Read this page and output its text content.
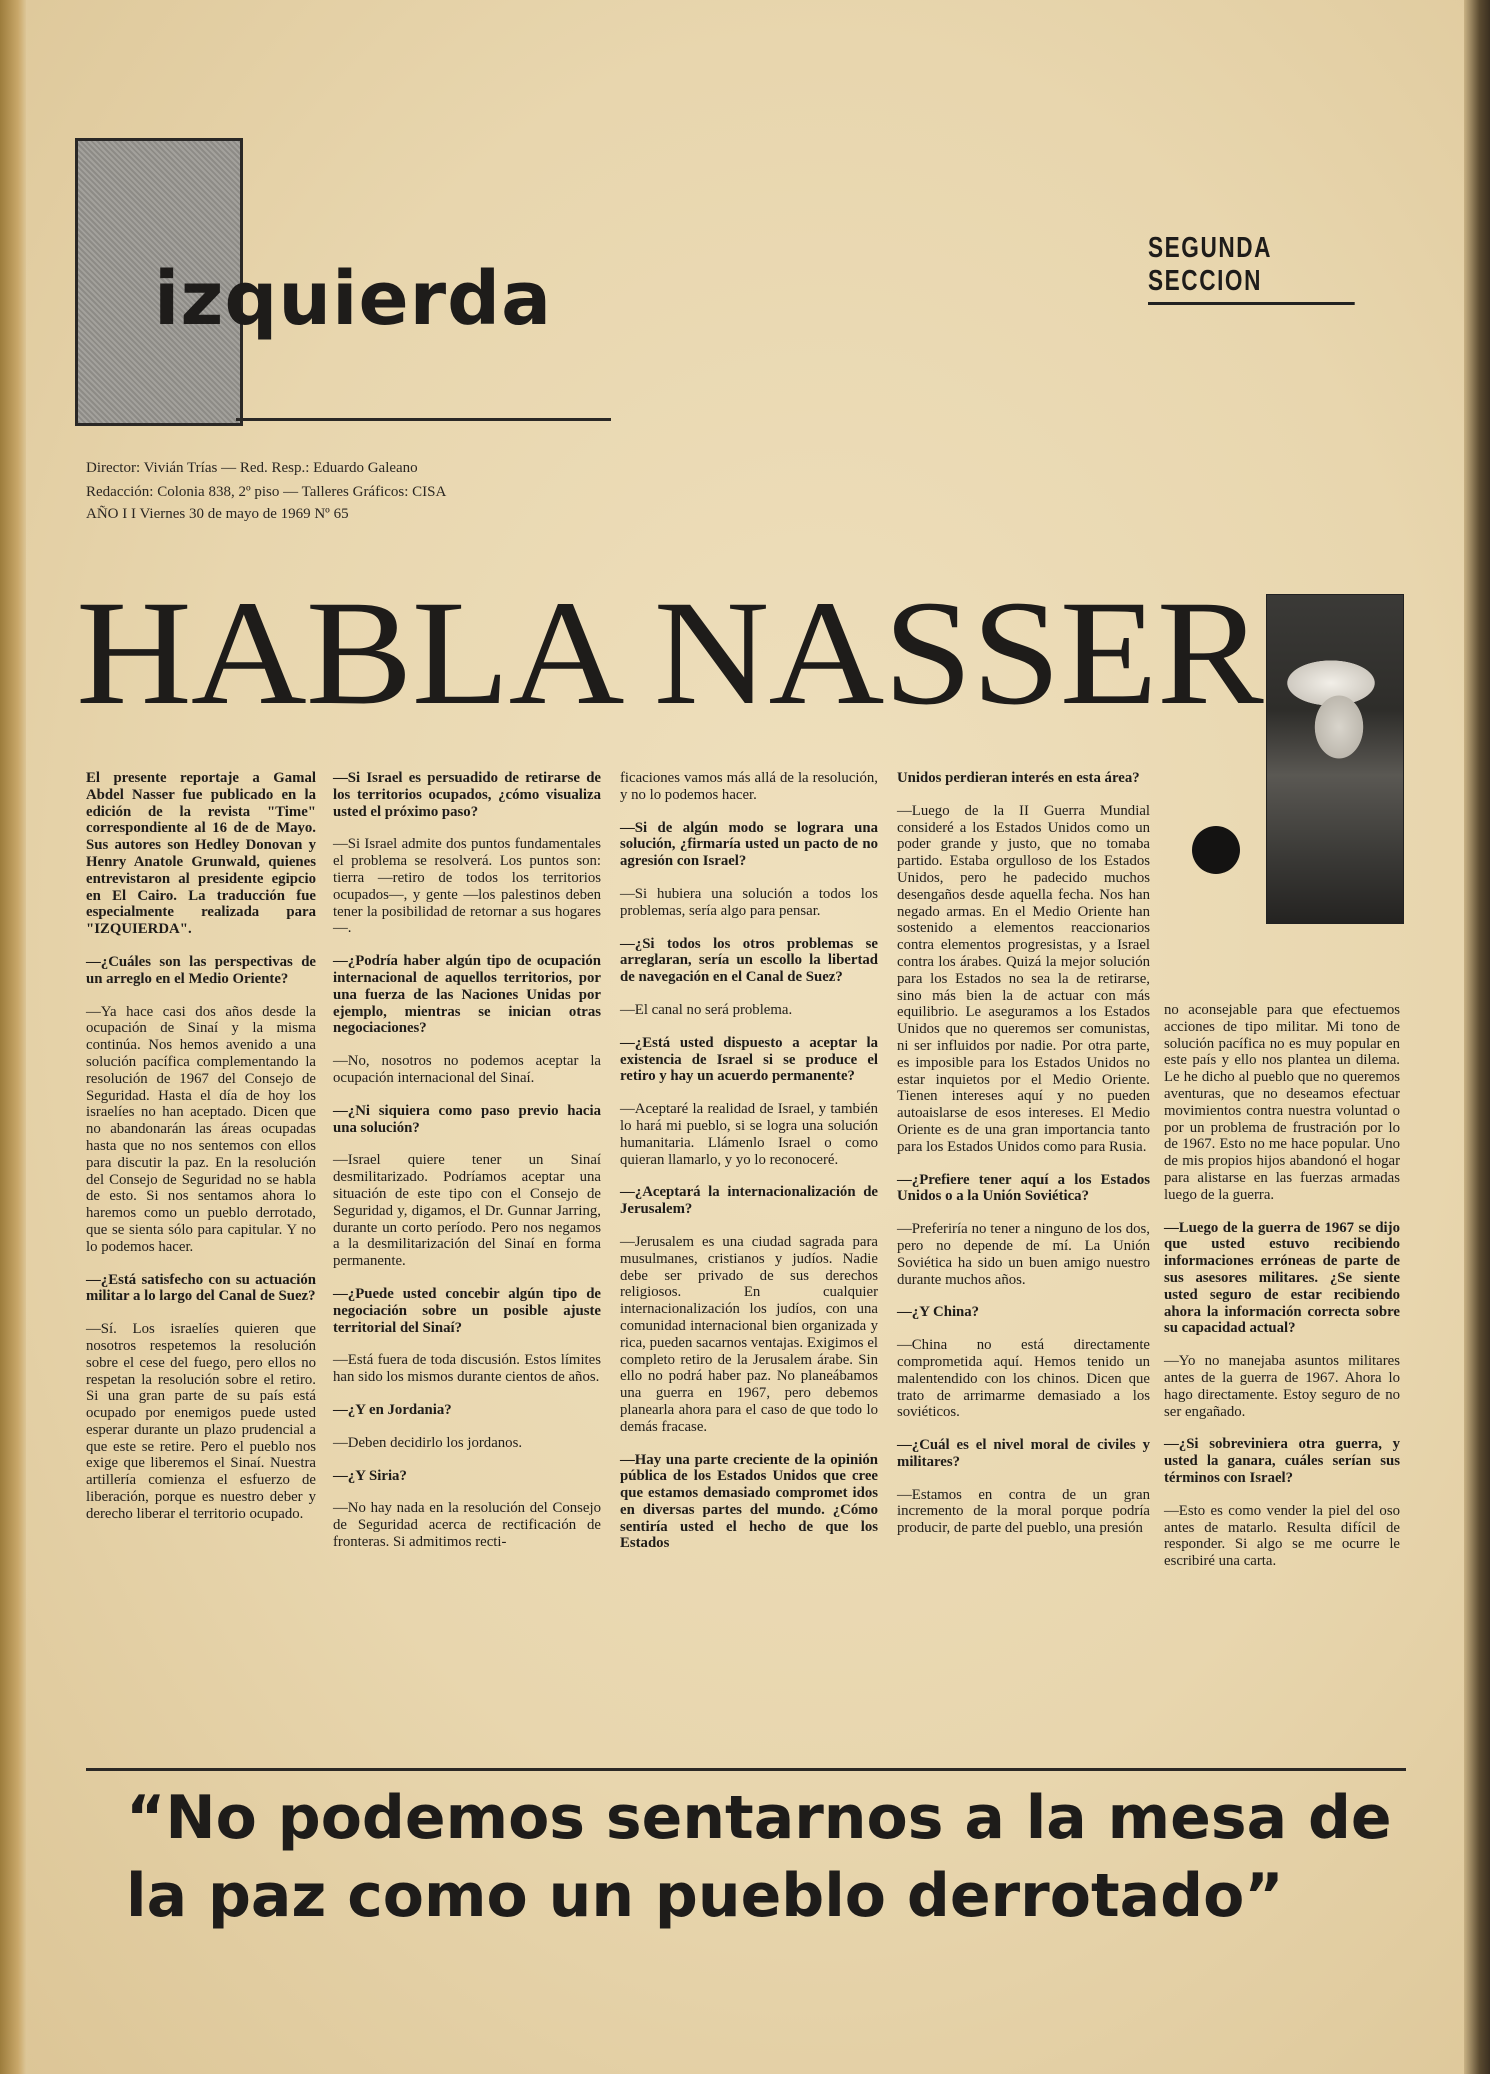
izquierda
SEGUNDA SECCION
Director: Vivián Trías — Red. Resp.: Eduardo Galeano
Redacción: Colonia 838, 2º piso — Talleres Gráficos: CISA
AÑO I I Viernes 30 de mayo de 1969 Nº 65
HABLA NASSER

El presente reportaje a Gamal Abdel Nasser fue publicado en la edición de la revista "Time" correspondiente al 16 de de Mayo. Sus autores son Hedley Donovan y Henry Anatole Grunwald, quienes entrevistaron al presidente egipcio en El Cairo. La traducción fue especialmente realizada para "IZQUIERDA".

—¿Cuáles son las perspectivas de un arreglo en el Medio Oriente?

—Ya hace casi dos años desde la ocupación de Sinaí y la misma continúa. Nos hemos avenido a una solución pacífica complementando la resolución de 1967 del Consejo de Seguridad. Hasta el día de hoy los israelíes no han aceptado. Dicen que no abandonarán las áreas ocupadas hasta que no nos sentemos con ellos para discutir la paz. En la resolución del Consejo de Seguridad no se habla de esto. Si nos sentamos ahora lo haremos como un pueblo derrotado, que se sienta sólo para capitular. Y no lo podemos hacer.

—¿Está satisfecho con su actuación militar a lo largo del Canal de Suez?

—Sí. Los israelíes quieren que nosotros respetemos la resolución sobre el cese del fuego, pero ellos no respetan la resolución sobre el retiro. Si una gran parte de su país está ocupado por enemigos puede usted esperar durante un plazo prudencial a que este se retire. Pero el pueblo nos exige que liberemos el Sinaí. Nuestra artillería comienza el esfuerzo de liberación, porque es nuestro deber y derecho liberar el territorio ocupado.

—Si Israel es persuadido de retirarse de los territorios ocupados, ¿cómo visualiza usted el próximo paso?

—Si Israel admite dos puntos fundamentales el problema se resolverá. Los puntos son: tierra —retiro de todos los territorios ocupados—, y gente —los palestinos deben tener la posibilidad de retornar a sus hogares—.

—¿Podría haber algún tipo de ocupación internacional de aquellos territorios, por una fuerza de las Naciones Unidas por ejemplo, mientras se inician otras negociaciones?

—No, nosotros no podemos aceptar la ocupación internacional del Sinaí.

—¿Ni siquiera como paso previo hacia una solución?

—Israel quiere tener un Sinaí desmilitarizado. Podríamos aceptar una situación de este tipo con el Consejo de Seguridad y, digamos, el Dr. Gunnar Jarring, durante un corto período. Pero nos negamos a la desmilitarización del Sinaí en forma permanente.

—¿Puede usted concebir algún tipo de negociación sobre un posible ajuste territorial del Sinaí?

—Está fuera de toda discusión. Estos límites han sido los mismos durante cientos de años.

—¿Y en Jordania?

—Deben decidirlo los jordanos.

—¿Y Siria?

—No hay nada en la resolución del Consejo de Seguridad acerca de rectificación de fronteras. Si admitimos recti-

ficaciones vamos más allá de la resolución, y no lo podemos hacer.

—Si de algún modo se lograra una solución, ¿firmaría usted un pacto de no agresión con Israel?

—Si hubiera una solución a todos los problemas, sería algo para pensar.

—¿Si todos los otros problemas se arreglaran, sería un escollo la libertad de navegación en el Canal de Suez?

—El canal no será problema.

—¿Está usted dispuesto a aceptar la existencia de Israel si se produce el retiro y hay un acuerdo permanente?

—Aceptaré la realidad de Israel, y también lo hará mi pueblo, si se logra una solución humanitaria. Llámenlo Israel o como quieran llamarlo, y yo lo reconoceré.

—¿Aceptará la internacionalización de Jerusalem?

—Jerusalem es una ciudad sagrada para musulmanes, cristianos y judíos. Nadie debe ser privado de sus derechos religiosos. En cualquier internacionalización los judíos, con una comunidad internacional bien organizada y rica, pueden sacarnos ventajas. Exigimos el completo retiro de la Jerusalem árabe. Sin ello no podrá haber paz. No planeábamos una guerra en 1967, pero debemos planearla ahora para el caso de que todo lo demás fracase.

—Hay una parte creciente de la opinión pública de los Estados Unidos que cree que estamos demasiado compromet idos en diversas partes del mundo. ¿Cómo sentiría usted el hecho de que los Estados

Unidos perdieran interés en esta área?

—Luego de la II Guerra Mundial consideré a los Estados Unidos como un poder grande y justo, que no tomaba partido. Estaba orgulloso de los Estados Unidos, pero he padecido muchos desengaños desde aquella fecha. Nos han negado armas. En el Medio Oriente han sostenido a elementos reaccionarios contra elementos progresistas, y a Israel contra los árabes. Quizá la mejor solución para los Estados no sea la de retirarse, sino más bien la de actuar con más equilibrio. Le aseguramos a los Estados Unidos que no queremos ser comunistas, ni ser influidos por nadie. Por otra parte, es imposible para los Estados Unidos no estar inquietos por el Medio Oriente. Tienen intereses aquí y no pueden autoaislarse de esos intereses. El Medio Oriente es de una gran importancia tanto para los Estados Unidos como para Rusia.

—¿Prefiere tener aquí a los Estados Unidos o a la Unión Soviética?

—Preferiría no tener a ninguno de los dos, pero no depende de mí. La Unión Soviética ha sido un buen amigo nuestro durante muchos años.

—¿Y China?

—China no está directamente comprometida aquí. Hemos tenido un malentendido con los chinos. Dicen que trato de arrimarme demasiado a los soviéticos.

—¿Cuál es el nivel moral de civiles y militares?

—Estamos en contra de un gran incremento de la moral porque podría producir, de parte del pueblo, una presión

no aconsejable para que efectuemos acciones de tipo militar. Mi tono de solución pacífica no es muy popular en este país y ello nos plantea un dilema. Le he dicho al pueblo que no queremos aventuras, que no deseamos efectuar movimientos contra nuestra voluntad o por un problema de frustración por lo de 1967. Esto no me hace popular. Uno de mis propios hijos abandonó el hogar para alistarse en las fuerzas armadas luego de la guerra.

—Luego de la guerra de 1967 se dijo que usted estuvo recibiendo informaciones erróneas de parte de sus asesores militares. ¿Se siente usted seguro de estar recibiendo ahora la información correcta sobre su capacidad actual?

—Yo no manejaba asuntos militares antes de la guerra de 1967. Ahora lo hago directamente. Estoy seguro de no ser engañado.

—¿Si sobreviniera otra guerra, y usted la ganara, cuáles serían sus términos con Israel?

—Esto es como vender la piel del oso antes de matarlo. Resulta difícil de responder. Si algo se me ocurre le escribiré una carta.

“No podemos sentarnos a la mesa de
la paz como un pueblo derrotado”
